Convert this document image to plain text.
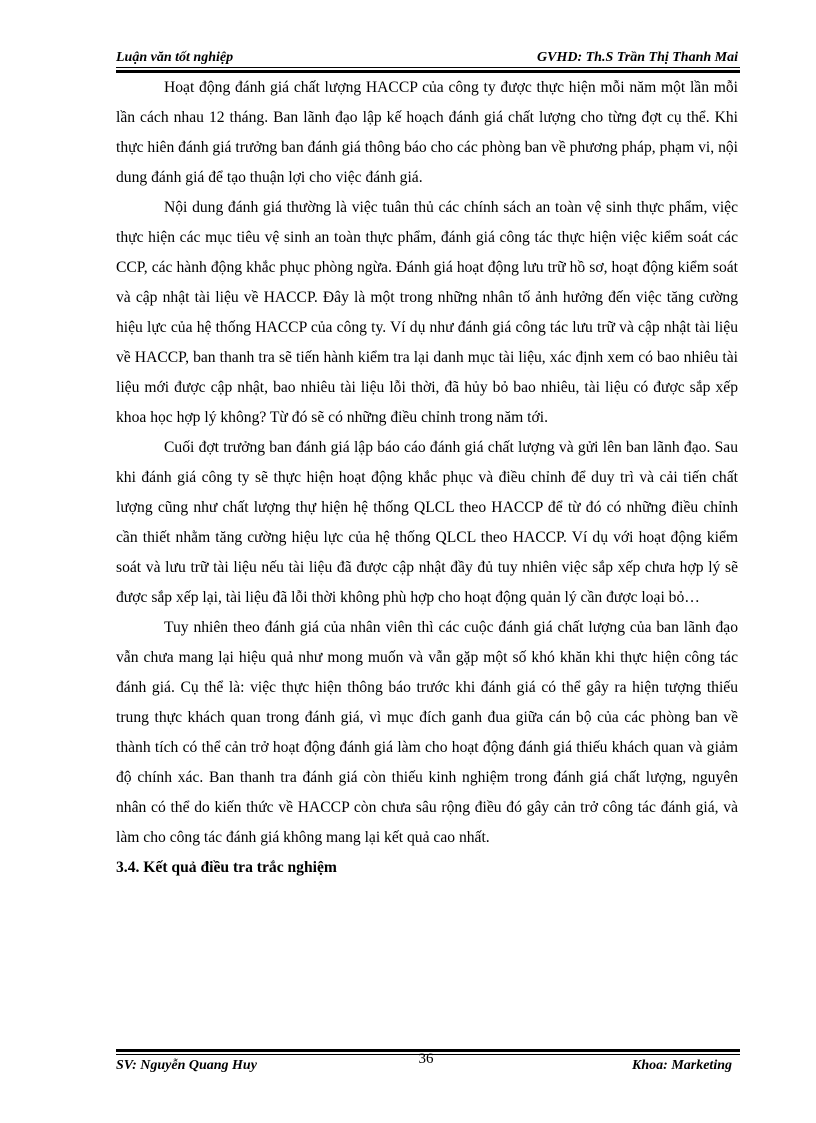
Luận văn tốt nghiệp	GVHD: Th.S Trần Thị Thanh Mai

Hoạt động đánh giá chất lượng HACCP của công ty được thực hiện mỗi năm một lần mỗi lần cách nhau 12 tháng. Ban lãnh đạo lập kế hoạch đánh giá chất lượng cho từng đợt cụ thể. Khi thực hiên đánh giá trưởng ban đánh giá thông báo cho các phòng ban về phương pháp, phạm vi, nội dung đánh giá để tạo thuận lợi cho việc đánh giá.

Nội dung đánh giá thường là việc tuân thủ các chính sách an toàn vệ sinh thực phẩm, việc thực hiện các mục tiêu vệ sinh an toàn thực phẩm, đánh giá công tác thực hiện việc kiểm soát các CCP, các hành động khắc phục phòng ngừa. Đánh giá hoạt động lưu trữ hồ sơ, hoạt động kiểm soát và cập nhật tài liệu về HACCP. Đây là một trong những nhân tố ảnh hưởng đến việc tăng cường hiệu lực của hệ thống HACCP của công ty. Ví dụ như đánh giá công tác lưu trữ và cập nhật tài liệu về HACCP, ban thanh tra sẽ tiến hành kiểm tra lại danh mục tài liệu, xác định xem có bao nhiêu tài liệu mới được cập nhật, bao nhiêu tài liệu lỗi thời, đã hủy bỏ bao nhiêu, tài liệu có được sắp xếp khoa học hợp lý không? Từ đó sẽ có những điều chỉnh trong năm tới.

Cuối đợt trưởng ban đánh giá lập báo cáo đánh giá chất lượng và gửi lên ban lãnh đạo. Sau khi đánh giá công ty sẽ thực hiện hoạt động khắc phục và điều chỉnh để duy trì và cải tiến chất lượng cũng như chất lượng thự hiện hệ thống QLCL theo HACCP để từ đó có những điều chỉnh cần thiết nhằm tăng cường hiệu lực của hệ thống QLCL theo HACCP. Ví dụ với hoạt động kiểm soát và lưu trữ tài liệu nếu tài liệu đã được cập nhật đầy đủ tuy nhiên việc sắp xếp chưa hợp lý sẽ được sắp xếp lại, tài liệu đã lỗi thời không phù hợp cho hoạt động quản lý cần được loại bỏ…

Tuy nhiên theo đánh giá của nhân viên thì các cuộc đánh giá chất lượng của ban lãnh đạo vẫn chưa mang lại hiệu quả như mong muốn và vẫn gặp một số khó khăn khi thực hiện công tác đánh giá. Cụ thể là: việc thực hiện thông báo trước khi đánh giá có thể gây ra hiện tượng thiếu trung thực khách quan trong đánh giá, vì mục đích ganh đua giữa cán bộ của các phòng ban về thành tích có thể cản trở hoạt động đánh giá làm cho hoạt động đánh giá thiếu khách quan và giảm độ chính xác. Ban thanh tra đánh giá còn thiếu kinh nghiệm trong đánh giá chất lượng, nguyên nhân có thể do kiến thức về HACCP còn chưa sâu rộng điều đó gây cản trở công tác đánh giá, và làm cho công tác đánh giá không mang lại kết quả cao nhất.

3.4. Kết quả điều tra trắc nghiệm

36
SV: Nguyễn Quang Huy	Khoa: Marketing
